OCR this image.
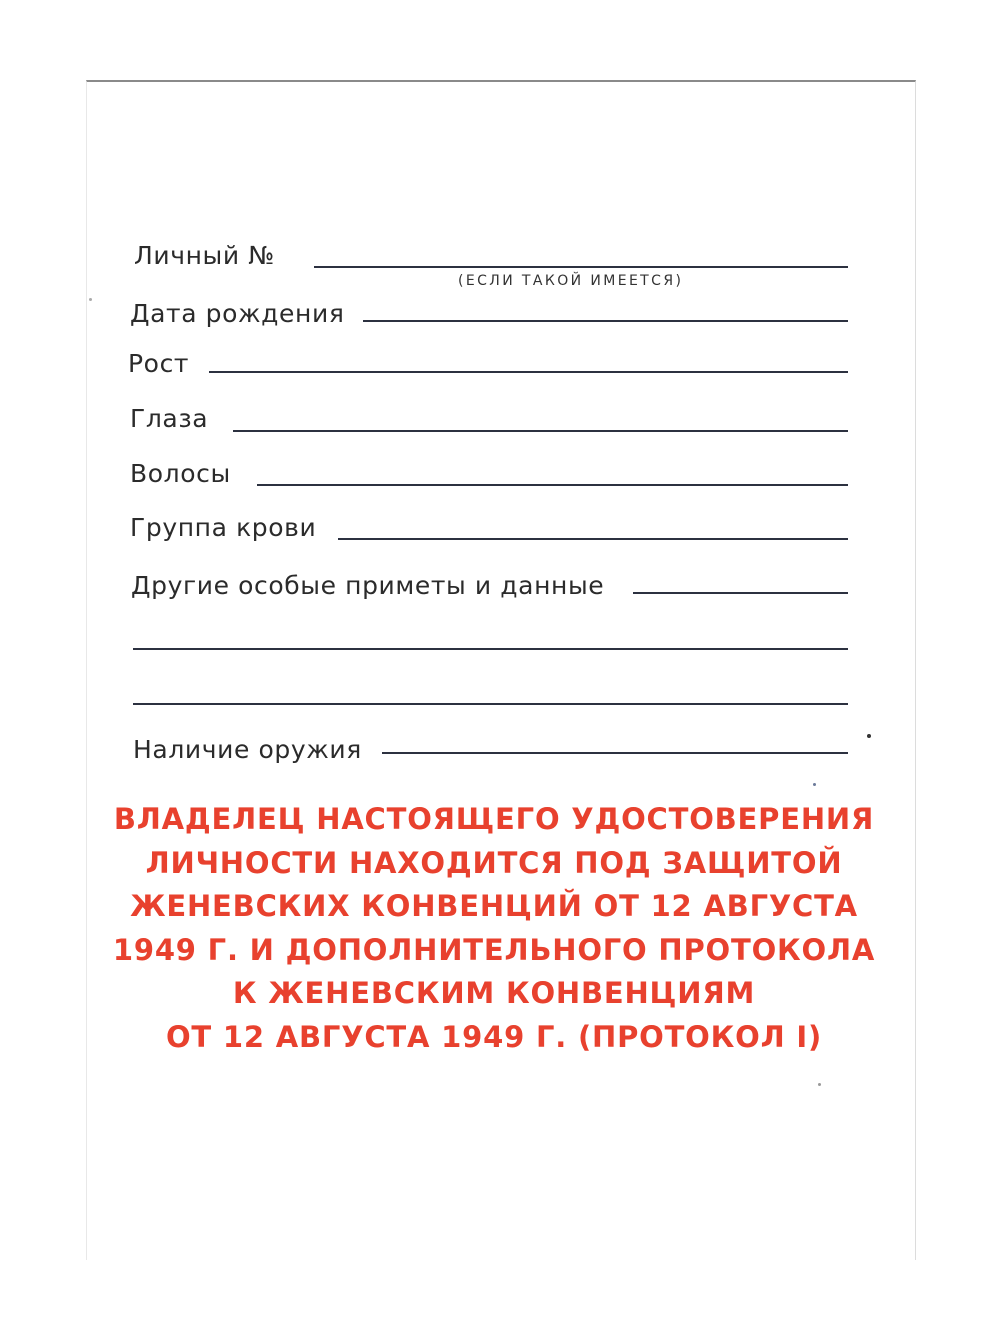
Личный №
(ЕСЛИ ТАКОЙ ИМЕЕТСЯ)
Дата рождения
Рост
Глаза
Волосы
Группа крови
Другие особые приметы и данные
Наличие оружия
ВЛАДЕЛЕЦ НАСТОЯЩЕГО УДОСТОВЕРЕНИЯ
ЛИЧНОСТИ НАХОДИТСЯ ПОД ЗАЩИТОЙ
ЖЕНЕВСКИХ КОНВЕНЦИЙ ОТ 12 АВГУСТА
1949 Г. И ДОПОЛНИТЕЛЬНОГО ПРОТОКОЛА
К ЖЕНЕВСКИМ КОНВЕНЦИЯМ
ОТ 12 АВГУСТА 1949 Г. (ПРОТОКОЛ I)
